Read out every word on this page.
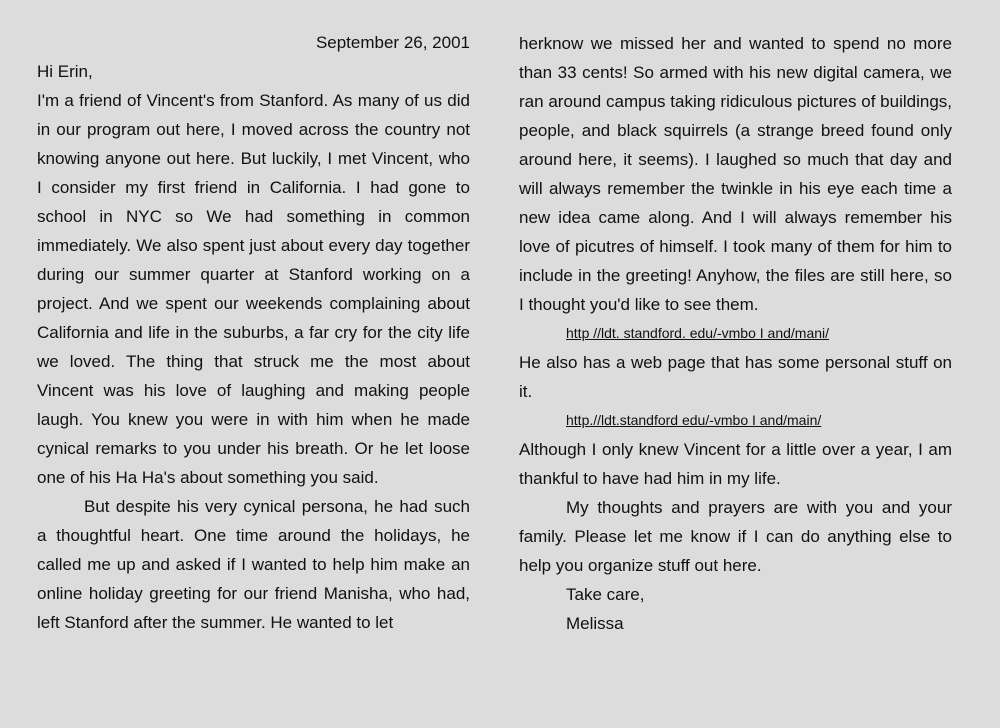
September 26, 2001
Hi Erin,

I'm a friend of Vincent's from Stanford. As many of us did in our program out here, I moved across the country not knowing anyone out here. But luckily, I met Vincent, who I consider my first friend in California. I had gone to school in NYC so We had something in common immediately. We also spent just about every day together during our summer quarter at Stanford working on a project. And we spent our weekends complaining about California and life in the suburbs, a far cry for the city life we loved. The thing that struck me the most about Vincent was his love of laughing and making people laugh. You knew you were in with him when he made cynical remarks to you under his breath. Or he let loose one of his Ha Ha's about something you said.

But despite his very cynical persona, he had such a thoughtful heart. One time around the holidays, he called me up and asked if I wanted to help him make an online holiday greeting for our friend Manisha, who had, left Stanford after the summer. He wanted to let

herknow we missed her and wanted to spend no more than 33 cents! So armed with his new digital camera, we ran around campus taking ridiculous pictures of buildings, people, and black squirrels (a strange breed found only around here, it seems). I laughed so much that day and will always remember the twinkle in his eye each time a new idea came along. And I will always remember his love of picutres of himself. I took many of them for him to include in the greeting! Anyhow, the files are still here, so I thought you'd like to see them.

http //ldt. standford. edu/-vmbo I and/mani/

He also has a web page that has some personal stuff on it.

http.//ldt.standford edu/-vmbo I and/main/

Although I only knew Vincent for a little over a year, I am thankful to have had him in my life.

My thoughts and prayers are with you and your family. Please let me know if I can do anything else to help you organize stuff out here.

Take care,
Melissa
